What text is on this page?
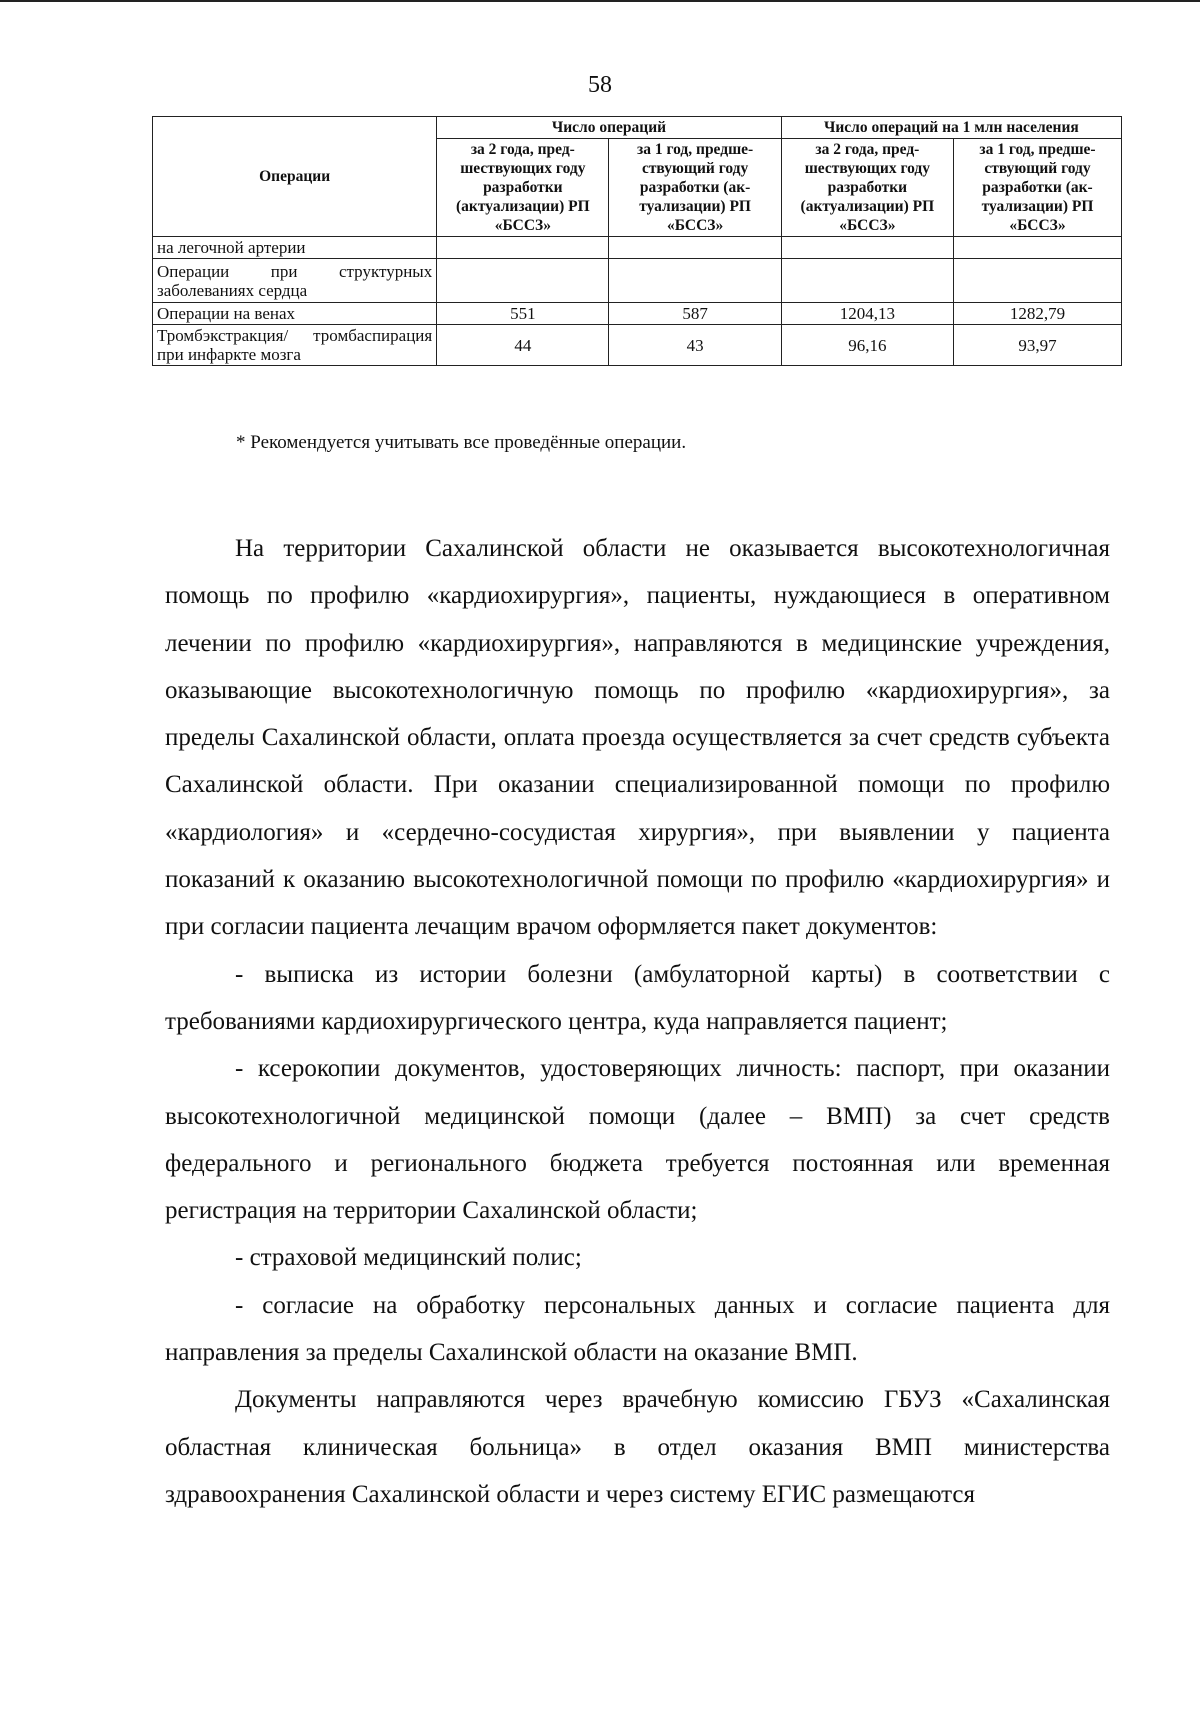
58
Операции	Число операций		Число операций на 1 млн населения	
	за 2 года, пред-шествующих году разработки (актуализации) РП «БССЗ»	за 1 год, предше-ствующий году разработки (ак-туализации) РП «БССЗ»	за 2 года, пред-шествующих году разработки (актуализации) РП «БССЗ»	за 1 год, предше-ствующий году разработки (ак-туализации) РП «БССЗ»
на легочной артерии				
Операции при структурных заболеваниях сердца				
Операции на венах	551	587	1204,13	1282,79
Тромбэкстракция/ тромбаспирация при инфаркте мозга	44	43	96,16	93,97
* Рекомендуется учитывать все проведённые операции.

На территории Сахалинской области не оказывается высокотехнологичная помощь по профилю «кардиохирургия», пациенты, нуждающиеся в оперативном лечении по профилю «кардиохирургия», направляются в медицинские учреждения, оказывающие высокотехнологичную помощь по профилю «кардиохирургия», за пределы Сахалинской области, оплата проезда осуществляется за счет средств субъекта Сахалинской области. При оказании специализированной помощи по профилю «кардиология» и «сердечно-сосудистая хирургия», при выявлении у пациента показаний к оказанию высокотехнологичной помощи по профилю «кардиохирургия» и при согласии пациента лечащим врачом оформляется пакет документов:

- выписка из истории болезни (амбулаторной карты) в соответствии с требованиями кардиохирургического центра, куда направляется пациент;

- ксерокопии документов, удостоверяющих личность: паспорт, при оказании высокотехнологичной медицинской помощи (далее – ВМП) за счет средств федерального и регионального бюджета требуется постоянная или временная регистрация на территории Сахалинской области;

- страховой медицинский полис;

- согласие на обработку персональных данных и согласие пациента для направления за пределы Сахалинской области на оказание ВМП.

Документы направляются через врачебную комиссию ГБУЗ «Сахалинская областная клиническая больница» в отдел оказания ВМП министерства здравоохранения Сахалинской области и через систему ЕГИС размещаются
